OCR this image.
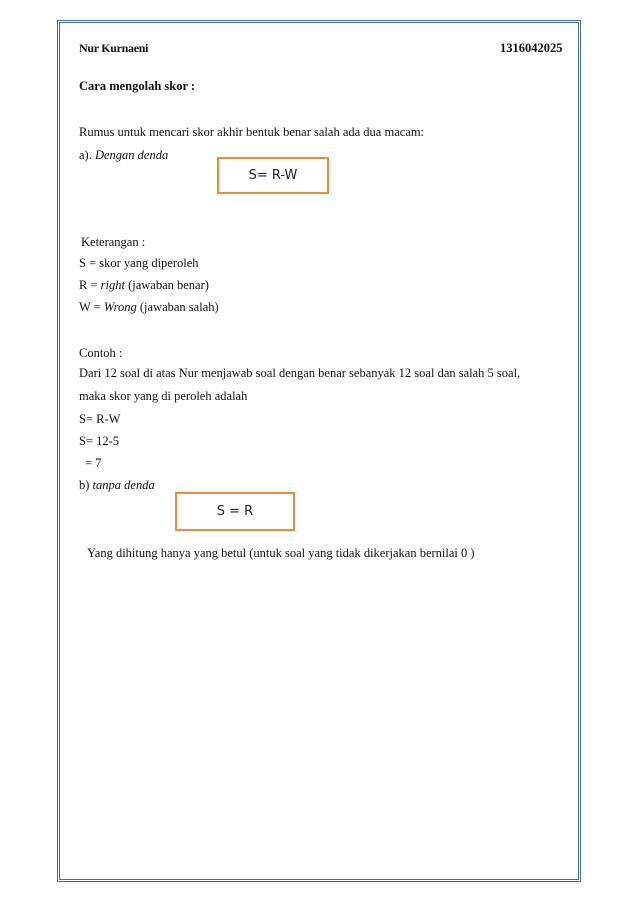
Nur Kurnaeni	1316042025
Cara mengolah skor :
Rumus untuk mencari skor akhir bentuk benar salah ada dua macam:
a). Dengan denda
S= R-W
Keterangan :
S = skor yang diperoleh
R = right (jawaban benar)
W = Wrong (jawaban salah)
Contoh :
Dari 12 soal di atas Nur menjawab soal dengan benar sebanyak 12 soal dan salah 5 soal,
maka skor yang di peroleh adalah
S= R-W
S= 12-5
= 7
b) tanpa denda
S = R
Yang dihitung hanya yang betul (untuk soal yang tidak dikerjakan bernilai 0 )
